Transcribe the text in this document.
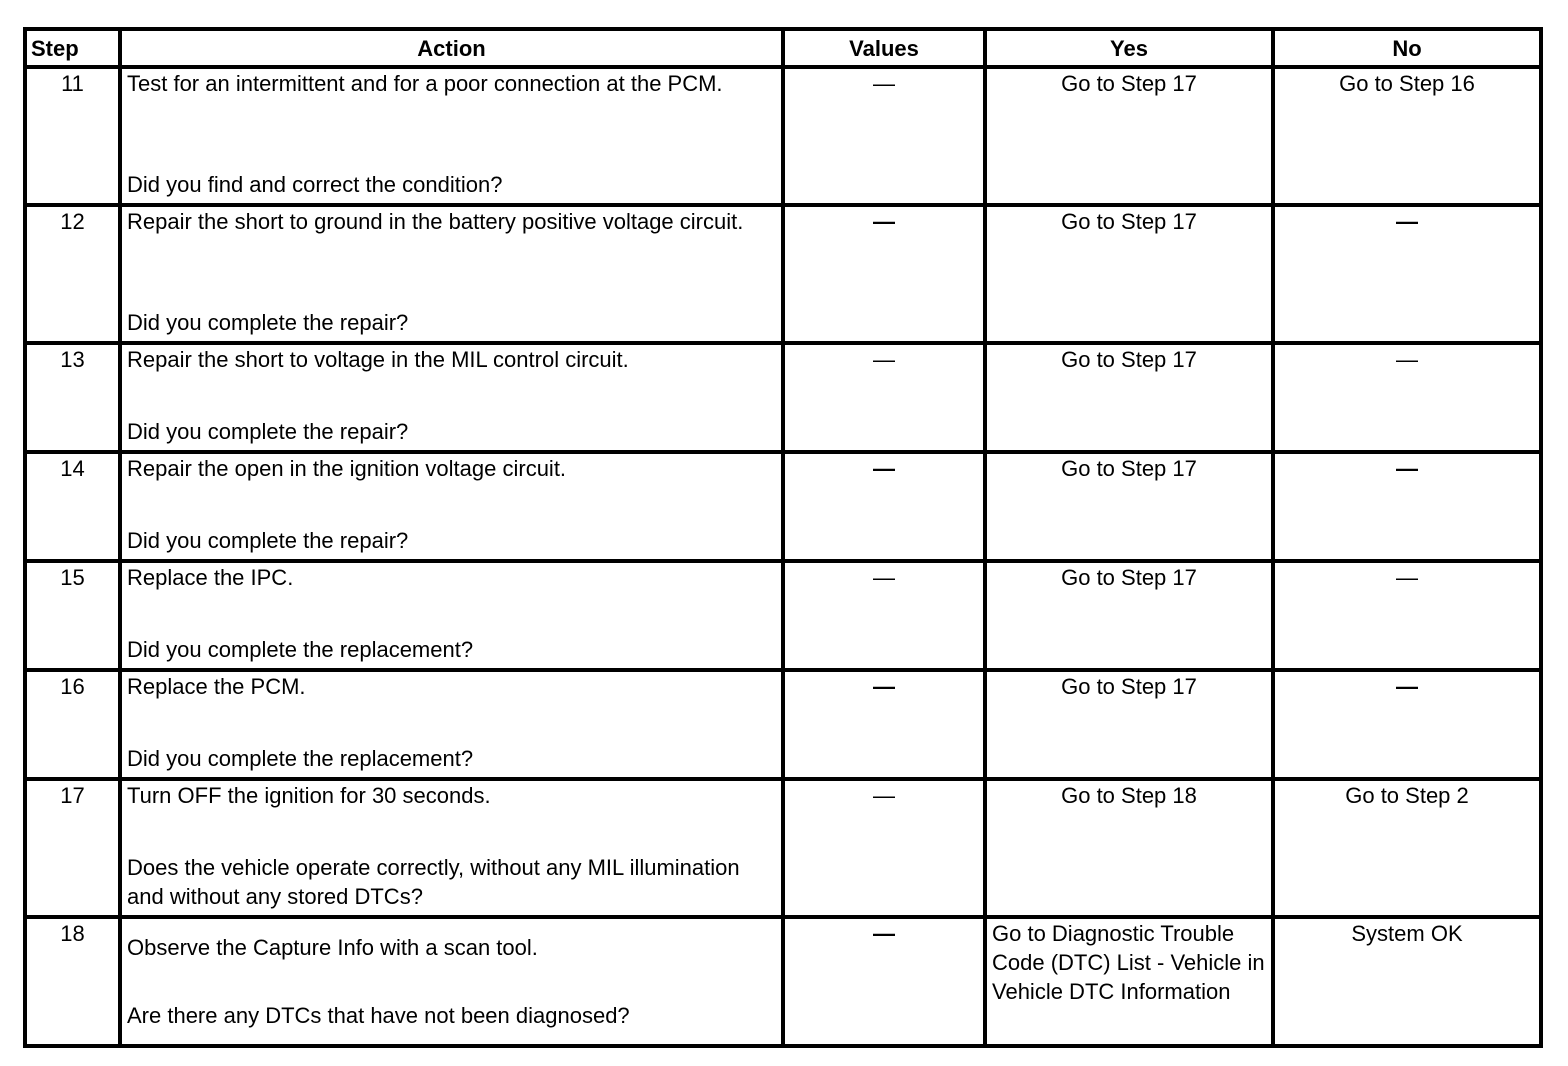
Step	Action	Values	Yes	No
11	Test for an intermittent and for a poor connection at the PCM.
Did you find and correct the condition?	—	Go to Step 17	Go to Step 16
12	Repair the short to ground in the battery positive voltage circuit.
Did you complete the repair?	—	Go to Step 17	—
13	Repair the short to voltage in the MIL control circuit.
Did you complete the repair?	—	Go to Step 17	—
14	Repair the open in the ignition voltage circuit.
Did you complete the repair?	—	Go to Step 17	—
15	Replace the IPC.
Did you complete the replacement?	—	Go to Step 17	—
16	Replace the PCM.
Did you complete the replacement?	—	Go to Step 17	—
17	Turn OFF the ignition for 30 seconds.
Does the vehicle operate correctly, without any MIL illumination and without any stored DTCs?	—	Go to Step 18	Go to Step 2
18	Observe the Capture Info with a scan tool.
Are there any DTCs that have not been diagnosed?	—	Go to Diagnostic Trouble Code (DTC) List - Vehicle in Vehicle DTC Information	System OK
